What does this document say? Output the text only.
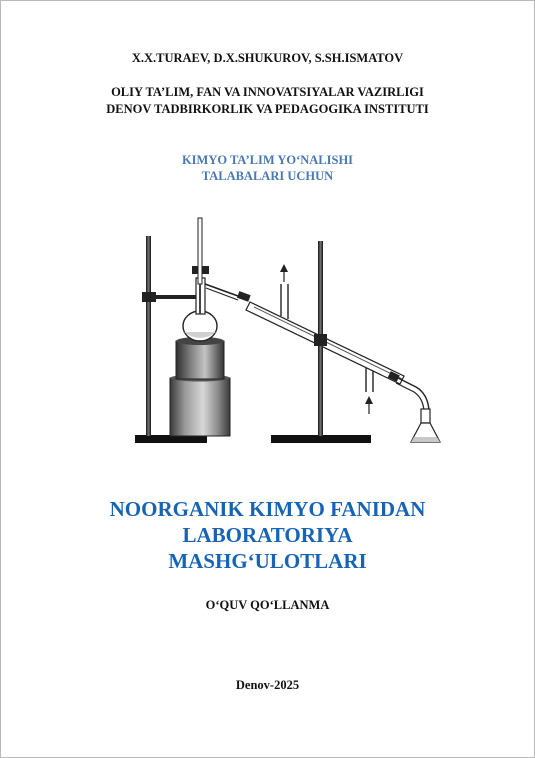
X.X.TURAEV, D.X.SHUKUROV, S.SH.ISMATOV
OLIY TA’LIM, FAN VA INNOVATSIYALAR VAZIRLIGI
DENOV TADBIRKORLIK VA PEDAGOGIKA INSTITUTI
KIMYO TA’LIM YO‘NALISHI
TALABALARI UCHUN
NOORGANIK KIMYO FANIDAN
LABORATORIYA
MASHG‘ULOTLARI
O‘QUV QO‘LLANMA
Denov-2025
